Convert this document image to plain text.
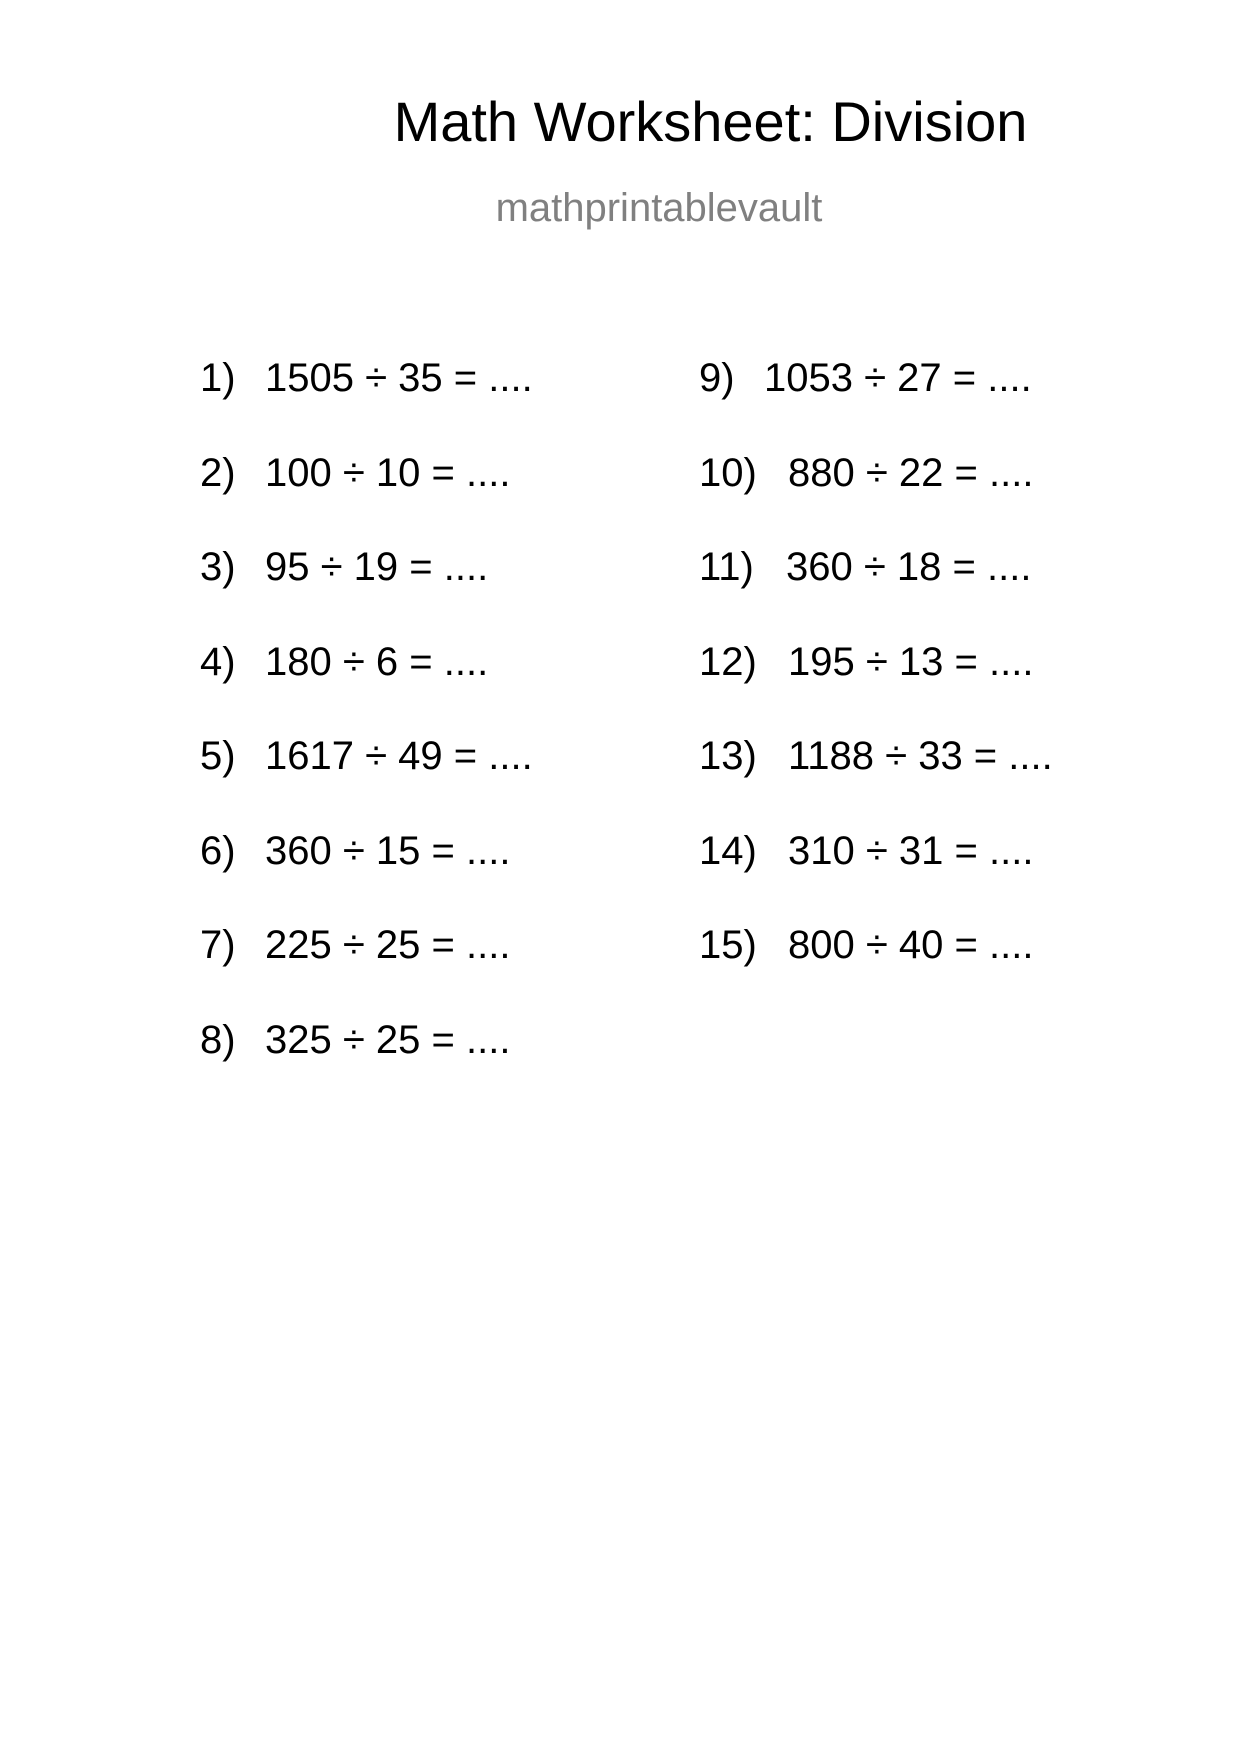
Math Worksheet: Division
mathprintablevault
1) 1505 ÷ 35 = ....
2) 100 ÷ 10 = ....
3) 95 ÷ 19 = ....
4) 180 ÷ 6 = ....
5) 1617 ÷ 49 = ....
6) 360 ÷ 15 = ....
7) 225 ÷ 25 = ....
8) 325 ÷ 25 = ....
9) 1053 ÷ 27 = ....
10) 880 ÷ 22 = ....
11) 360 ÷ 18 = ....
12) 195 ÷ 13 = ....
13) 1188 ÷ 33 = ....
14) 310 ÷ 31 = ....
15) 800 ÷ 40 = ....
